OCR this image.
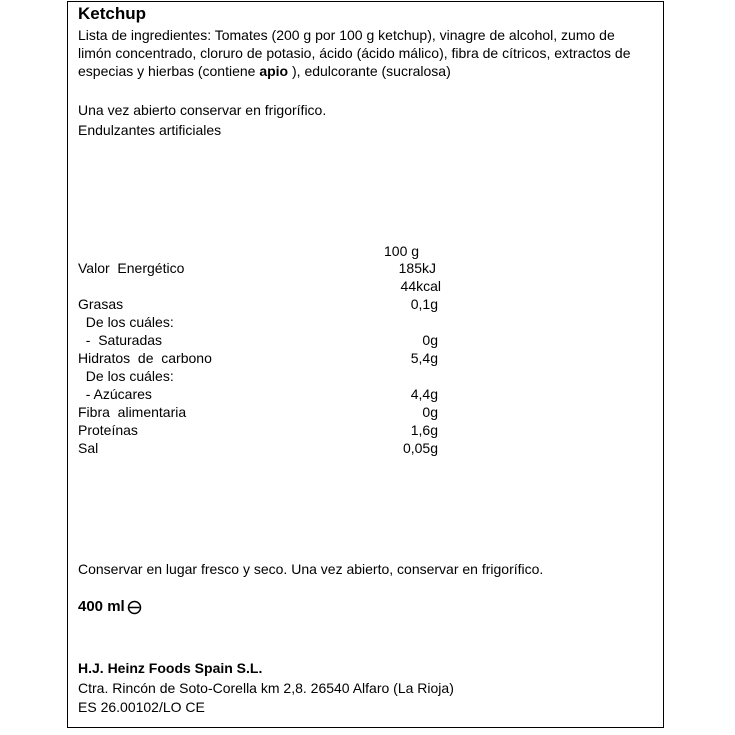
Ketchup
Lista de ingredientes: Tomates (200 g por 100 g ketchup), vinagre de alcohol, zumo de limón concentrado, cloruro de potasio, ácido (ácido málico), fibra de cítricos, extractos de especias y hierbas (contiene apio ), edulcorante (sucralosa)
Una vez abierto conservar en frigorífico.
Endulzantes artificiales
100 g
Valor  Energético	185kJ
44kcal
Grasas	0,1g
De los cuáles:
-  Saturadas	0g
Hidratos  de  carbono	5,4g
De los cuáles:
- Azúcares	4,4g
Fibra  alimentaria	0g
Proteínas	1,6g
Sal	0,05g
Conservar en lugar fresco y seco. Una vez abierto, conservar en frigorífico.
400 ml
H.J. Heinz Foods Spain S.L.
Ctra. Rincón de Soto-Corella km 2,8. 26540 Alfaro (La Rioja)
ES 26.00102/LO CE
